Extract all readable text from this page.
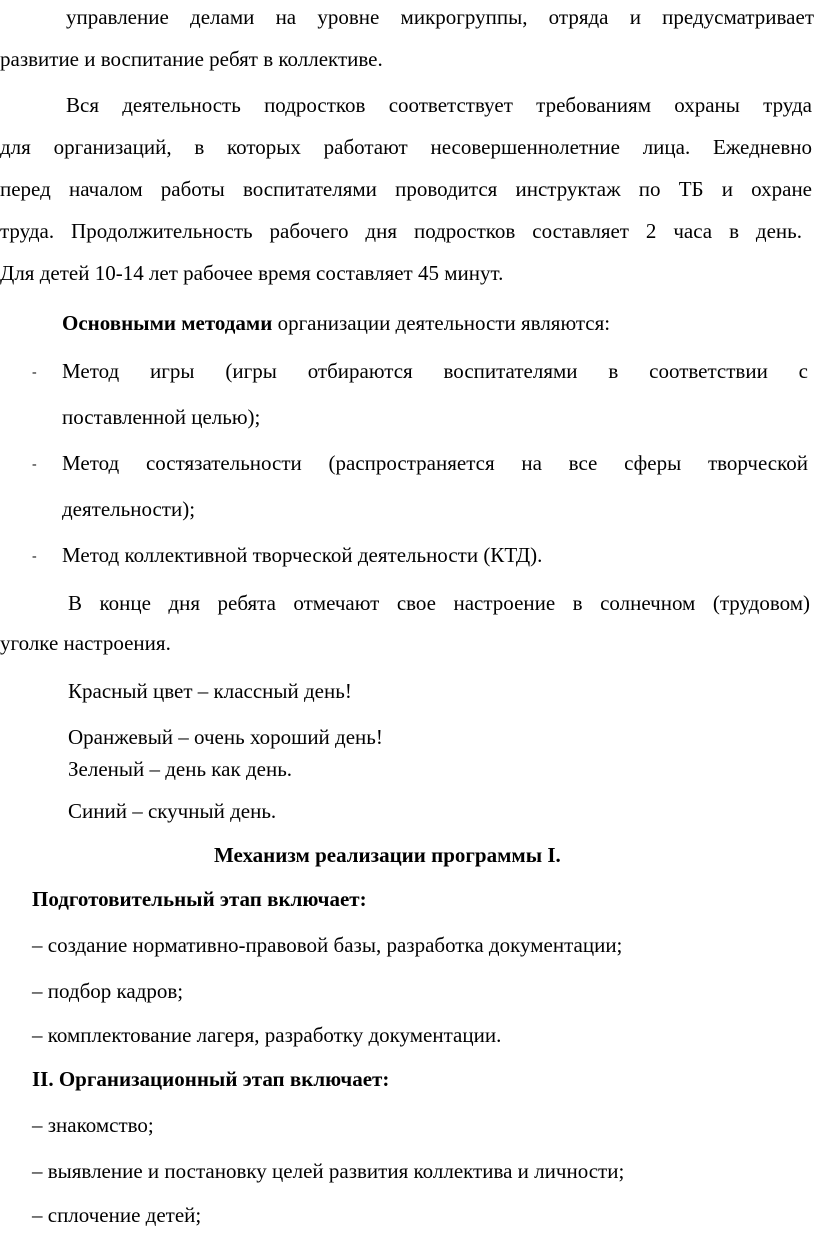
управление делами на уровне микрогруппы, отряда и предусматривает

развитие и воспитание ребят в коллективе.

Вся деятельность подростков соответствует требованиям охраны труда

для организаций, в которых работают несовершеннолетние лица. Ежедневно

перед началом работы воспитателями проводится инструктаж по ТБ и охране

труда. Продолжительность рабочего дня подростков составляет 2 часа в день.

Для детей 10-14 лет рабочее время составляет 45 минут.

Основными методами организации деятельности являются:

- Метод игры (игры отбираются воспитателями в соответствии с

поставленной целью);

- Метод состязательности (распространяется на все сферы творческой

деятельности);

- Метод коллективной творческой деятельности (КТД).

В конце дня ребята отмечают свое настроение в солнечном (трудовом)

уголке настроения.

Красный цвет – классный день!

Оранжевый – очень хороший день!

Зеленый – день как день.

Синий – скучный день.

Механизм реализации программы I.

Подготовительный этап включает:

– создание нормативно-правовой базы, разработка документации;

– подбор кадров;

– комплектование лагеря, разработку документации.

II. Организационный этап включает:

– знакомство;

– выявление и постановку целей развития коллектива и личности;

– сплочение детей;
